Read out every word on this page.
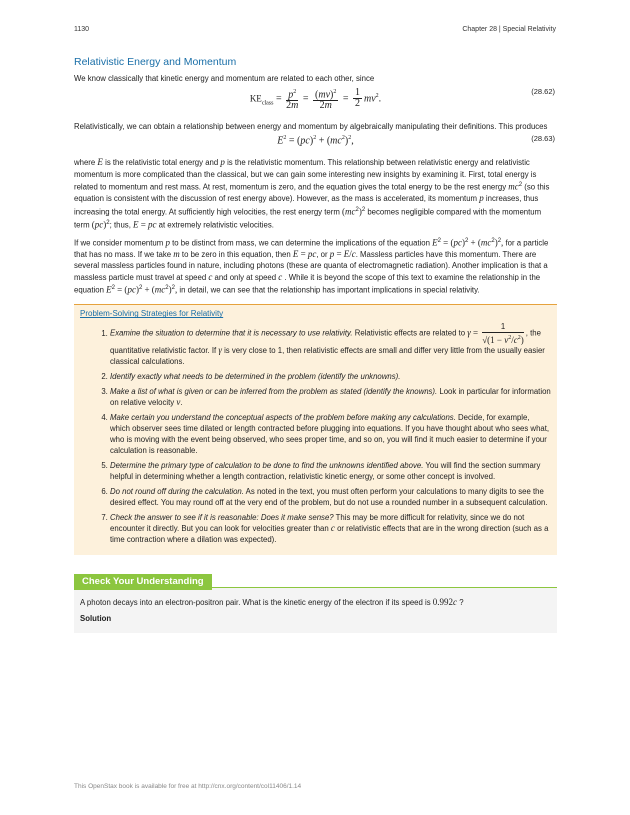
1130	Chapter 28 | Special Relativity
Relativistic Energy and Momentum

We know classically that kinetic energy and momentum are related to each other, since

$KE_{class} = \frac{p^2}{2m} = \frac{(mv)^2}{2m} = \frac{1}{2} mv^2$.
(28.62)

Relativistically, we can obtain a relationship between energy and momentum by algebraically manipulating their definitions. This produces

$E^2 = (pc)^2 + (mc^2)^2$,	(28.63)

where E is the relativistic total energy and p is the relativistic momentum. This relationship between relativistic energy and relativistic momentum is more complicated than the classical, but we can gain some interesting new insights by examining it. First, total energy is related to momentum and rest mass. At rest, momentum is zero, and the equation gives the total energy to be the rest energy $mc^2$ (so this equation is consistent with the discussion of rest energy above). However, as the mass is accelerated, its momentum p increases, thus increasing the total energy. At sufficiently high velocities, the rest energy term $(mc^2)^2$ becomes negligible compared with the momentum term (pc)$^2$; thus, E = pc at extremely relativistic velocities.

If we consider momentum p to be distinct from mass, we can determine the implications of the equation $E^2 = (pc)^2 + (mc^2)^2$, for a particle that has no mass. If we take m to be zero in this equation, then E = pc, or p = E/c. Massless particles have this momentum. There are several massless particles found in nature, including photons (these are quanta of electromagnetic radiation). Another implication is that a massless particle must travel at speed c and only at speed c . While it is beyond the scope of this text to examine the relationship in the equation $E^2 = (pc)^2 + (mc^2)^2$, in detail, we can see that the relationship has important implications in special relativity.

Problem-Solving Strategies for Relativity
1. Examine the situation to determine that it is necessary to use relativity. Relativistic effects are related to $\gamma = \frac{1}{√(1 - v^2/c^2)}$ , the quantitative relativistic factor. If γ is very close to 1, then relativistic effects are small and differ very little from the usually easier classical calculations.
2. Identify exactly what needs to be determined in the problem (identify the unknowns).
3. Make a list of what is given or can be inferred from the problem as stated (identify the knowns). Look in particular for information on relative velocity v.
4. Make certain you understand the conceptual aspects of the problem before making any calculations. Decide, for example, which observer sees time dilated or length contracted before plugging into equations. If you have thought about who sees what, who is moving with the event being observed, who sees proper time, and so on, you will find it much easier to determine if your calculation is reasonable.
5. Determine the primary type of calculation to be done to find the unknowns identified above. You will find the section summary helpful in determining whether a length contraction, relativistic kinetic energy, or some other concept is involved.
6. Do not round off during the calculation. As noted in the text, you must often perform your calculations to many digits to see the desired effect. You may round off at the very end of the problem, but do not use a rounded number in a subsequent calculation.
7. Check the answer to see if it is reasonable: Does it make sense? This may be more difficult for relativity, since we do not encounter it directly. But you can look for velocities greater than c or relativistic effects that are in the wrong direction (such as a time contraction where a dilation was expected).
Check Your Understanding
A photon decays into an electron-positron pair. What is the kinetic energy of the electron if its speed is 0.992c ?
Solution
This OpenStax book is available for free at http://cnx.org/content/col11406/1.14
